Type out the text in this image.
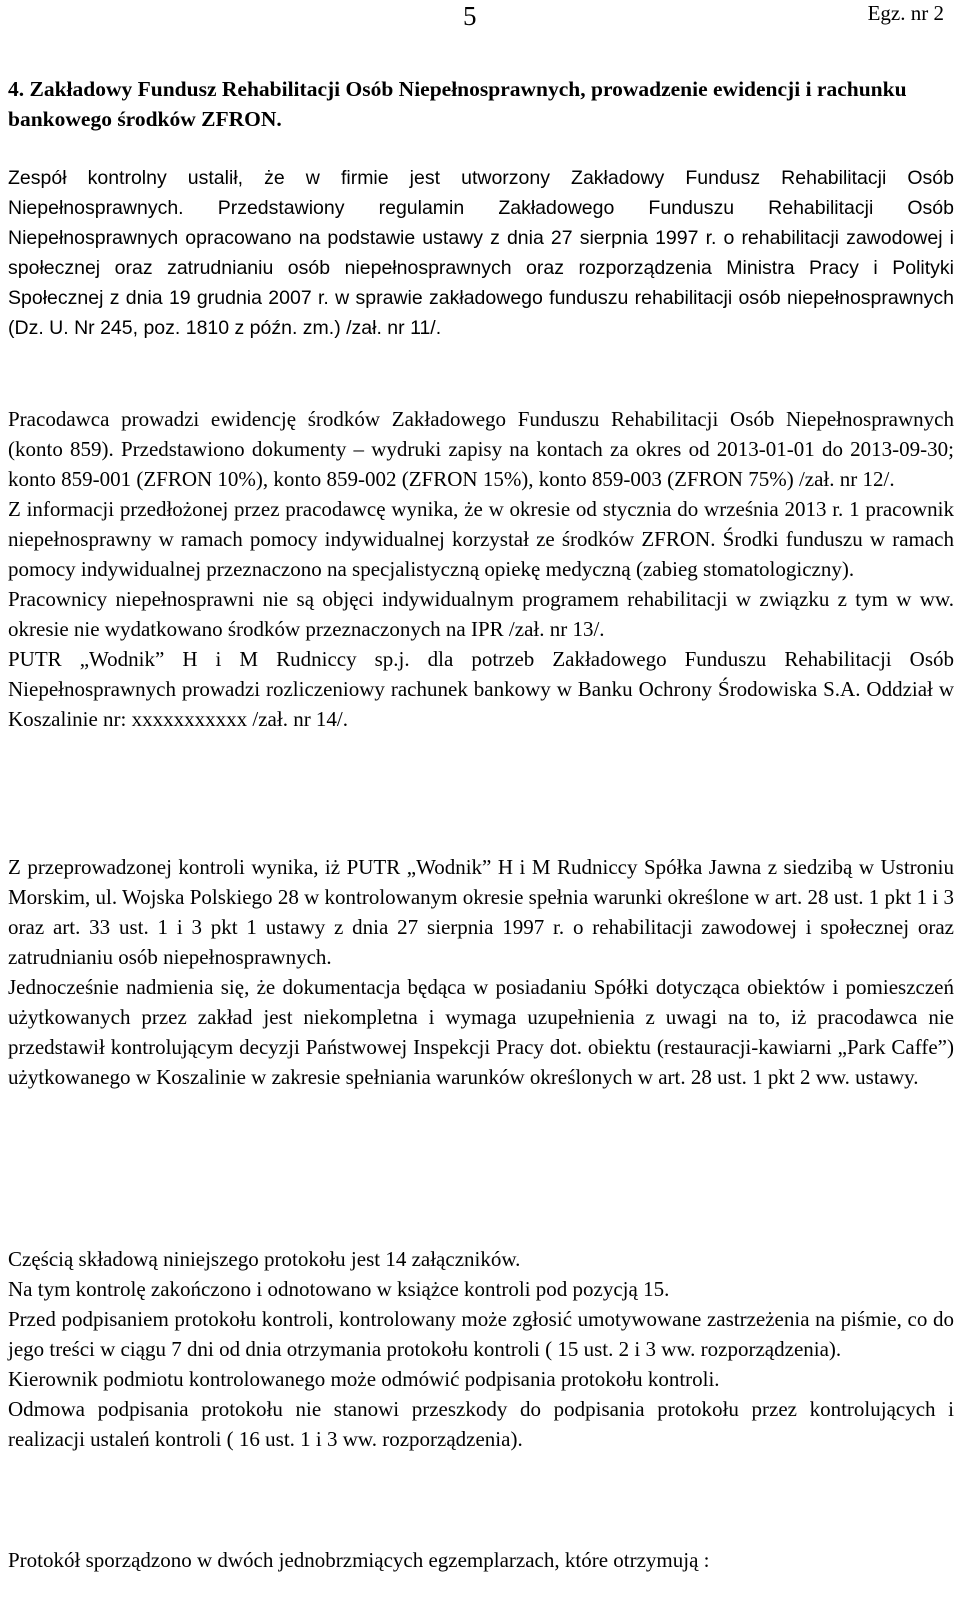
5	Egz. nr 2
4. Zakładowy Fundusz Rehabilitacji Osób Niepełnosprawnych, prowadzenie ewidencji i rachunku bankowego środków ZFRON.

Zespół kontrolny ustalił, że w firmie jest utworzony Zakładowy Fundusz Rehabilitacji Osób Niepełnosprawnych. Przedstawiony regulamin Zakładowego Funduszu Rehabilitacji Osób Niepełnosprawnych opracowano na podstawie ustawy z dnia 27 sierpnia 1997 r. o rehabilitacji zawodowej i społecznej oraz zatrudnianiu osób niepełnosprawnych oraz rozporządzenia Ministra Pracy i Polityki Społecznej z dnia 19 grudnia 2007 r. w sprawie zakładowego funduszu rehabilitacji osób niepełnosprawnych (Dz. U. Nr 245, poz. 1810 z późn. zm.) /zał. nr 11/.

Pracodawca prowadzi ewidencję środków Zakładowego Funduszu Rehabilitacji Osób Niepełnosprawnych (konto 859). Przedstawiono dokumenty – wydruki zapisy na kontach za okres od 2013-01-01 do 2013-09-30; konto 859-001 (ZFRON 10%), konto 859-002 (ZFRON 15%), konto 859-003 (ZFRON 75%) /zał. nr 12/.

Z informacji przedłożonej przez pracodawcę wynika, że w okresie od stycznia do września 2013 r. 1 pracownik niepełnosprawny w ramach pomocy indywidualnej korzystał ze środków ZFRON. Środki funduszu w ramach pomocy indywidualnej przeznaczono na specjalistyczną opiekę medyczną (zabieg stomatologiczny).

Pracownicy niepełnosprawni nie są objęci indywidualnym programem rehabilitacji w związku z tym w ww. okresie nie wydatkowano środków przeznaczonych na IPR /zał. nr 13/.

PUTR „Wodnik” H i M Rudniccy sp.j. dla potrzeb Zakładowego Funduszu Rehabilitacji Osób Niepełnosprawnych prowadzi rozliczeniowy rachunek bankowy w Banku Ochrony Środowiska S.A. Oddział w Koszalinie nr: xxxxxxxxxxx /zał. nr 14/.

Z przeprowadzonej kontroli wynika, iż PUTR „Wodnik” H i M Rudniccy Spółka Jawna z siedzibą w Ustroniu Morskim, ul. Wojska Polskiego 28 w kontrolowanym okresie spełnia warunki określone w art. 28 ust. 1 pkt 1 i 3 oraz art. 33 ust. 1 i 3 pkt 1 ustawy z dnia 27 sierpnia 1997 r. o rehabilitacji zawodowej i społecznej oraz zatrudnianiu osób niepełnosprawnych.

Jednocześnie nadmienia się, że dokumentacja będąca w posiadaniu Spółki dotycząca obiektów i pomieszczeń użytkowanych przez zakład jest niekompletna i wymaga uzupełnienia z uwagi na to, iż pracodawca nie przedstawił kontrolującym decyzji Państwowej Inspekcji Pracy dot. obiektu (restauracji-kawiarni „Park Caffe”) użytkowanego w Koszalinie w zakresie spełniania warunków określonych w art. 28 ust. 1 pkt 2 ww. ustawy.

Częścią składową niniejszego protokołu jest 14 załączników.

Na tym kontrolę zakończono i odnotowano w książce kontroli pod pozycją 15.

Przed podpisaniem protokołu kontroli, kontrolowany może zgłosić umotywowane zastrzeżenia na piśmie, co do jego treści w ciągu 7 dni od dnia otrzymania protokołu kontroli ( 15 ust. 2 i 3 ww. rozporządzenia).

Kierownik podmiotu kontrolowanego może odmówić podpisania protokołu kontroli.

Odmowa podpisania protokołu nie stanowi przeszkody do podpisania protokołu przez kontrolujących i realizacji ustaleń kontroli ( 16 ust. 1 i 3 ww. rozporządzenia).

Protokół sporządzono w dwóch jednobrzmiących egzemplarzach, które otrzymują :
